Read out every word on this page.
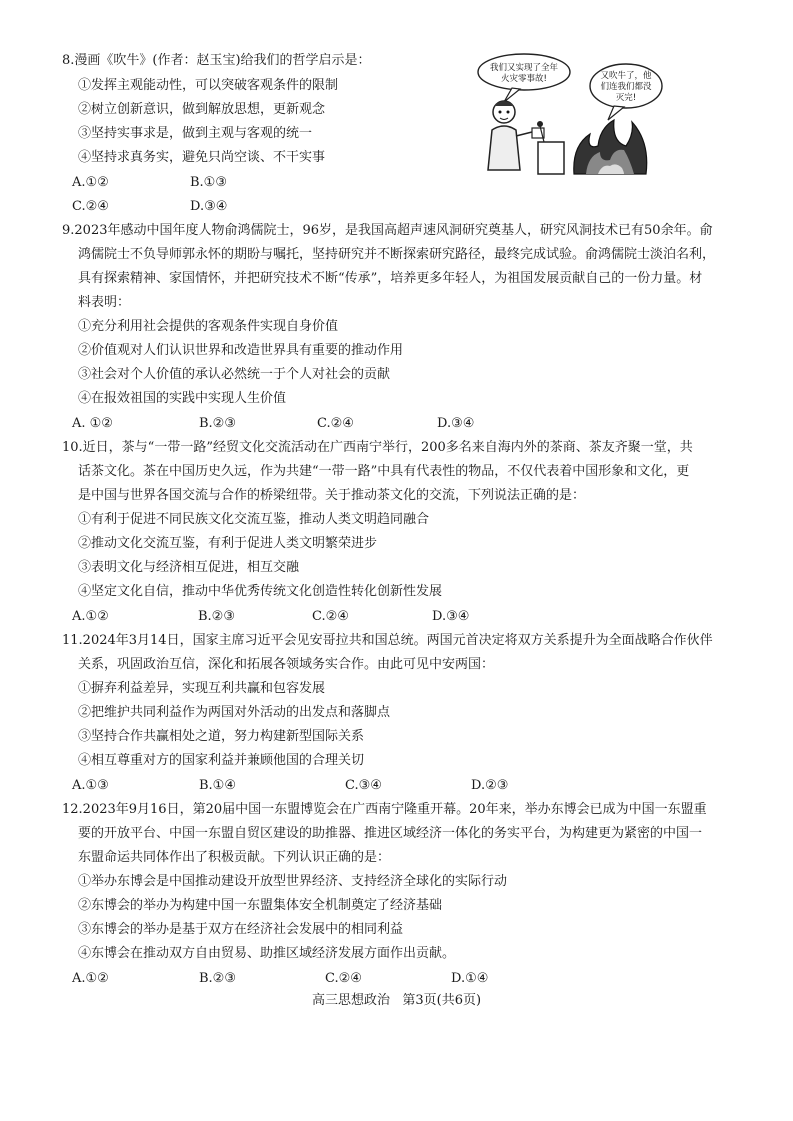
8.漫画《吹牛》(作者：赵玉宝)给我们的哲学启示是：
①发挥主观能动性，可以突破客观条件的限制
②树立创新意识，做到解放思想，更新观念
③坚持实事求是，做到主观与客观的统一
④坚持求真务实，避免只尚空谈、不干实事
A.①②	B.①③
C.②④	D.③④
我们又实现了全年
火灾零事故!	又吹牛了，他
们连我们都没
灭完!
9.2023年感动中国年度人物俞鸿儒院士，96岁，是我国高超声速风洞研究奠基人，研究风洞技术已有50余年。俞
鸿儒院士不负导师郭永怀的期盼与嘱托，坚持研究并不断探索研究路径，最终完成试验。俞鸿儒院士淡泊名利，
具有探索精神、家国情怀，并把研究技术不断“传承”，培养更多年轻人，为祖国发展贡献自己的一份力量。材
料表明：
①充分利用社会提供的客观条件实现自身价值
②价值观对人们认识世界和改造世界具有重要的推动作用
③社会对个人价值的承认必然统一于个人对社会的贡献
④在报效祖国的实践中实现人生价值
A. ①②	B.②③	C.②④	D.③④
10.近日，茶与“一带一路”经贸文化交流活动在广西南宁举行，200多名来自海内外的茶商、茶友齐聚一堂，共
话茶文化。茶在中国历史久远，作为共建“一带一路”中具有代表性的物品，不仅代表着中国形象和文化，更
是中国与世界各国交流与合作的桥梁纽带。关于推动茶文化的交流，下列说法正确的是：
①有利于促进不同民族文化交流互鉴，推动人类文明趋同融合
②推动文化交流互鉴，有利于促进人类文明繁荣进步
③表明文化与经济相互促进，相互交融
④坚定文化自信，推动中华优秀传统文化创造性转化创新性发展
A.①②	B.②③	C.②④	D.③④
11.2024年3月14日，国家主席习近平会见安哥拉共和国总统。两国元首决定将双方关系提升为全面战略合作伙伴
关系，巩固政治互信，深化和拓展各领域务实合作。由此可见中安两国：
①摒弃利益差异，实现互利共赢和包容发展
②把维护共同利益作为两国对外活动的出发点和落脚点
③坚持合作共赢相处之道，努力构建新型国际关系
④相互尊重对方的国家利益并兼顾他国的合理关切
A.①③	B.①④	C.③④	D.②③
12.2023年9月16日，第20届中国一东盟博览会在广西南宁隆重开幕。20年来，举办东博会已成为中国一东盟重
要的开放平台、中国一东盟自贸区建设的助推器、推进区域经济一体化的务实平台，为构建更为紧密的中国一
东盟命运共同体作出了积极贡献。下列认识正确的是：
①举办东博会是中国推动建设开放型世界经济、支持经济全球化的实际行动
②东博会的举办为构建中国一东盟集体安全机制奠定了经济基础
③东博会的举办是基于双方在经济社会发展中的相同利益
④东博会在推动双方自由贸易、助推区域经济发展方面作出贡献。
A.①②	B.②③	C.②④	D.①④
高三思想政治   第3页(共6页)
